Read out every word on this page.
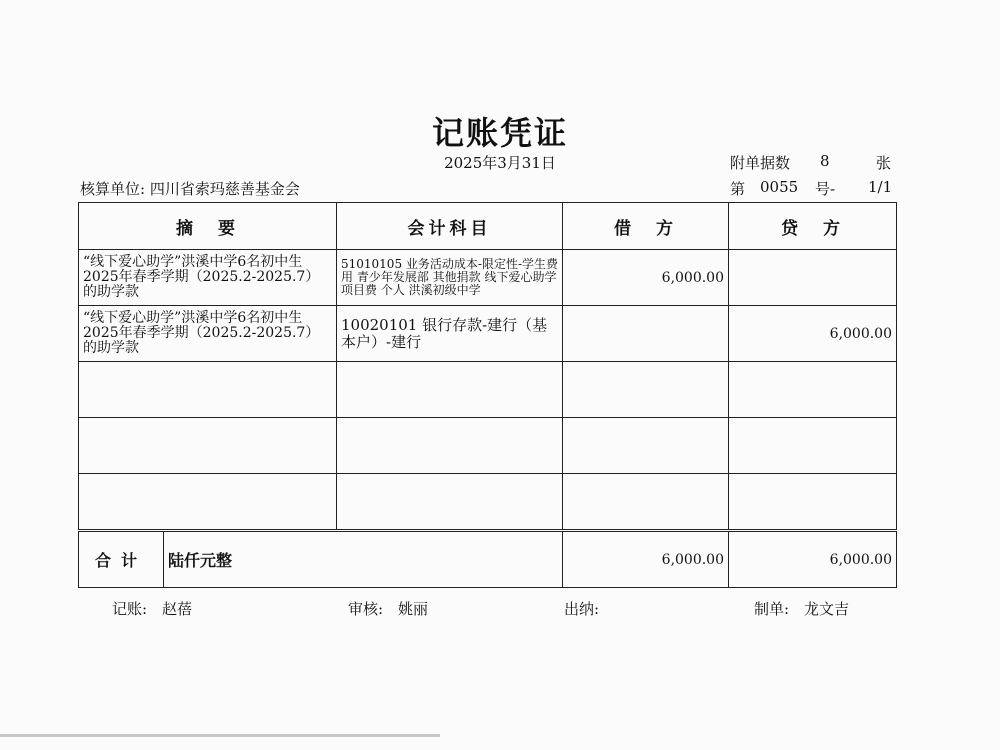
记账凭证
2025年3月31日	附单据数 8	张
核算单位: 四川省索玛慈善基金会	第 0055 号- 1/1
摘　要	会计科目	借　方	贷　方
“线下爱心助学”洪溪中学6名初中生2025年春季学期（2025.2-2025.7）的助学款	51010105 业务活动成本-限定性-学生费用 青少年发展部 其他捐款 线下爱心助学 项目费 个人 洪溪初级中学	6,000.00	
“线下爱心助学”洪溪中学6名初中生2025年春季学期（2025.2-2025.7）的助学款	10020101 银行存款-建行（基本户）-建行		6,000.00

合计 陆仟元整		6,000.00	6,000.00
记账:　赵蓓	审核:　姚丽	出纳:	制单:　龙文吉
